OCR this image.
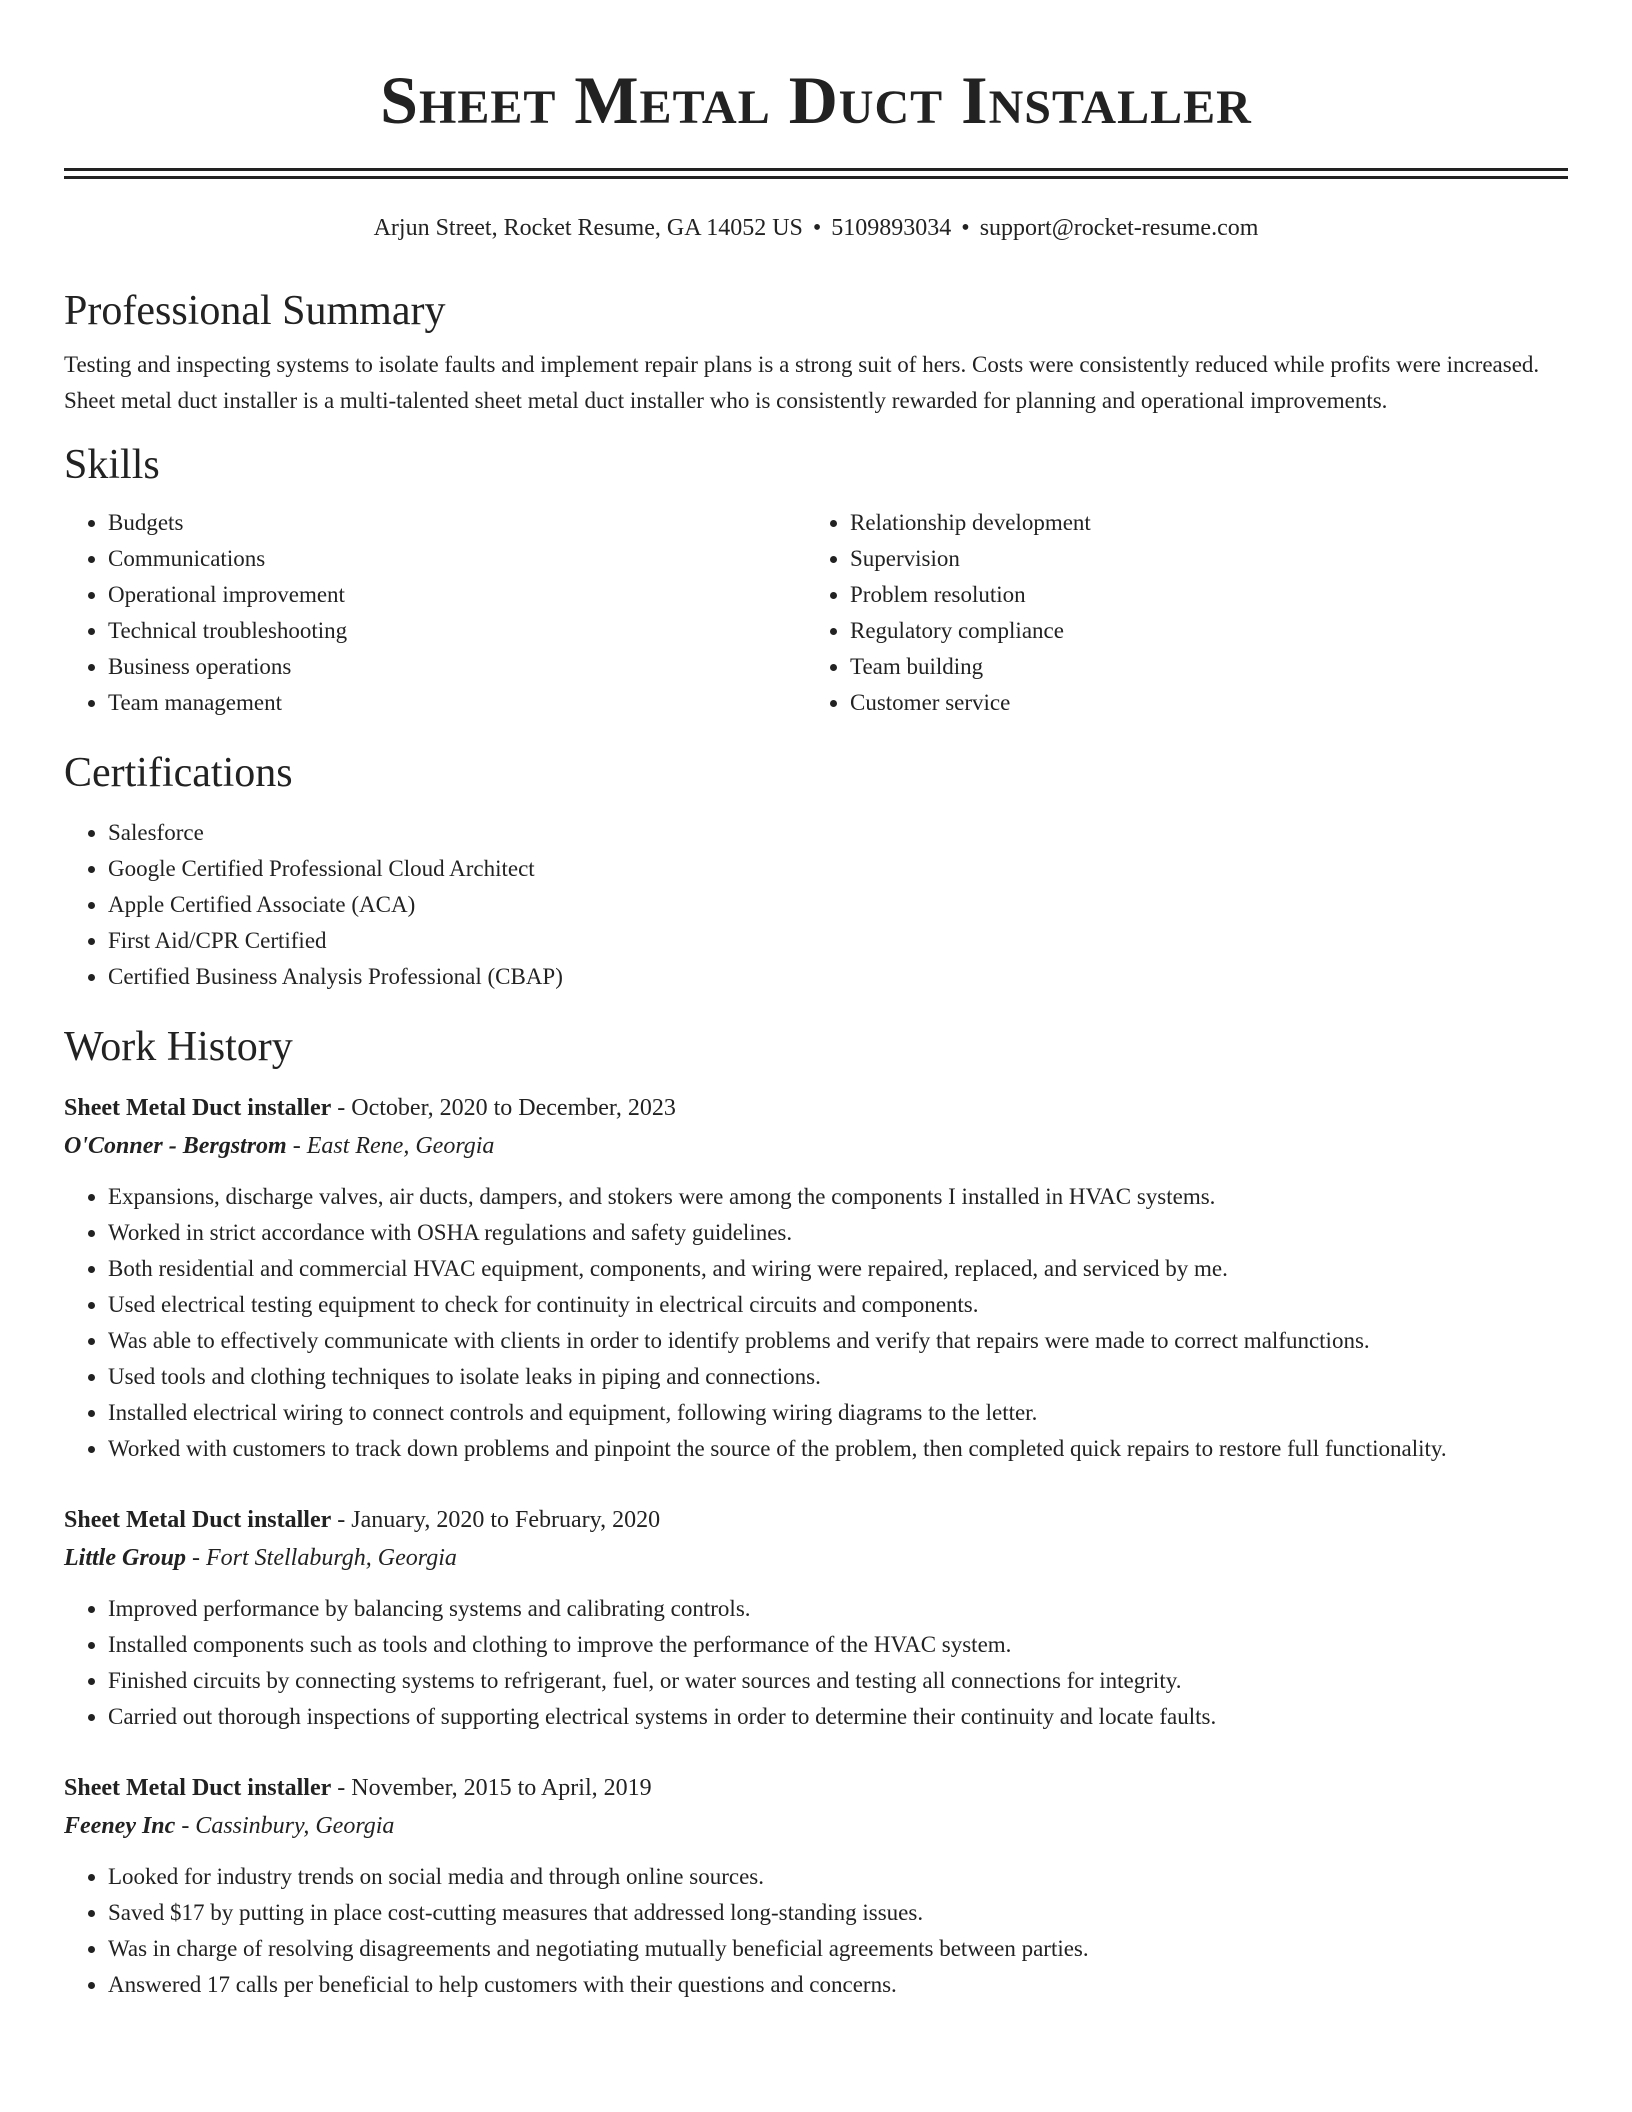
Sheet Metal Duct Installer
Arjun Street, Rocket Resume, GA 14052 US • 5109893034 • support@rocket-resume.com
Professional Summary
Testing and inspecting systems to isolate faults and implement repair plans is a strong suit of hers. Costs were consistently reduced while profits were increased. Sheet metal duct installer is a multi-talented sheet metal duct installer who is consistently rewarded for planning and operational improvements.
Skills
• Budgets
• Communications
• Operational improvement
• Technical troubleshooting
• Business operations
• Team management
• Relationship development
• Supervision
• Problem resolution
• Regulatory compliance
• Team building
• Customer service
Certifications
• Salesforce
• Google Certified Professional Cloud Architect
• Apple Certified Associate (ACA)
• First Aid/CPR Certified
• Certified Business Analysis Professional (CBAP)
Work History
Sheet Metal Duct installer - October, 2020 to December, 2023
O'Conner - Bergstrom - East Rene, Georgia
• Expansions, discharge valves, air ducts, dampers, and stokers were among the components I installed in HVAC systems.
• Worked in strict accordance with OSHA regulations and safety guidelines.
• Both residential and commercial HVAC equipment, components, and wiring were repaired, replaced, and serviced by me.
• Used electrical testing equipment to check for continuity in electrical circuits and components.
• Was able to effectively communicate with clients in order to identify problems and verify that repairs were made to correct malfunctions.
• Used tools and clothing techniques to isolate leaks in piping and connections.
• Installed electrical wiring to connect controls and equipment, following wiring diagrams to the letter.
• Worked with customers to track down problems and pinpoint the source of the problem, then completed quick repairs to restore full functionality.
Sheet Metal Duct installer - January, 2020 to February, 2020
Little Group - Fort Stellaburgh, Georgia
• Improved performance by balancing systems and calibrating controls.
• Installed components such as tools and clothing to improve the performance of the HVAC system.
• Finished circuits by connecting systems to refrigerant, fuel, or water sources and testing all connections for integrity.
• Carried out thorough inspections of supporting electrical systems in order to determine their continuity and locate faults.
Sheet Metal Duct installer - November, 2015 to April, 2019
Feeney Inc - Cassinbury, Georgia
• Looked for industry trends on social media and through online sources.
• Saved $17 by putting in place cost-cutting measures that addressed long-standing issues.
• Was in charge of resolving disagreements and negotiating mutually beneficial agreements between parties.
• Answered 17 calls per beneficial to help customers with their questions and concerns.
